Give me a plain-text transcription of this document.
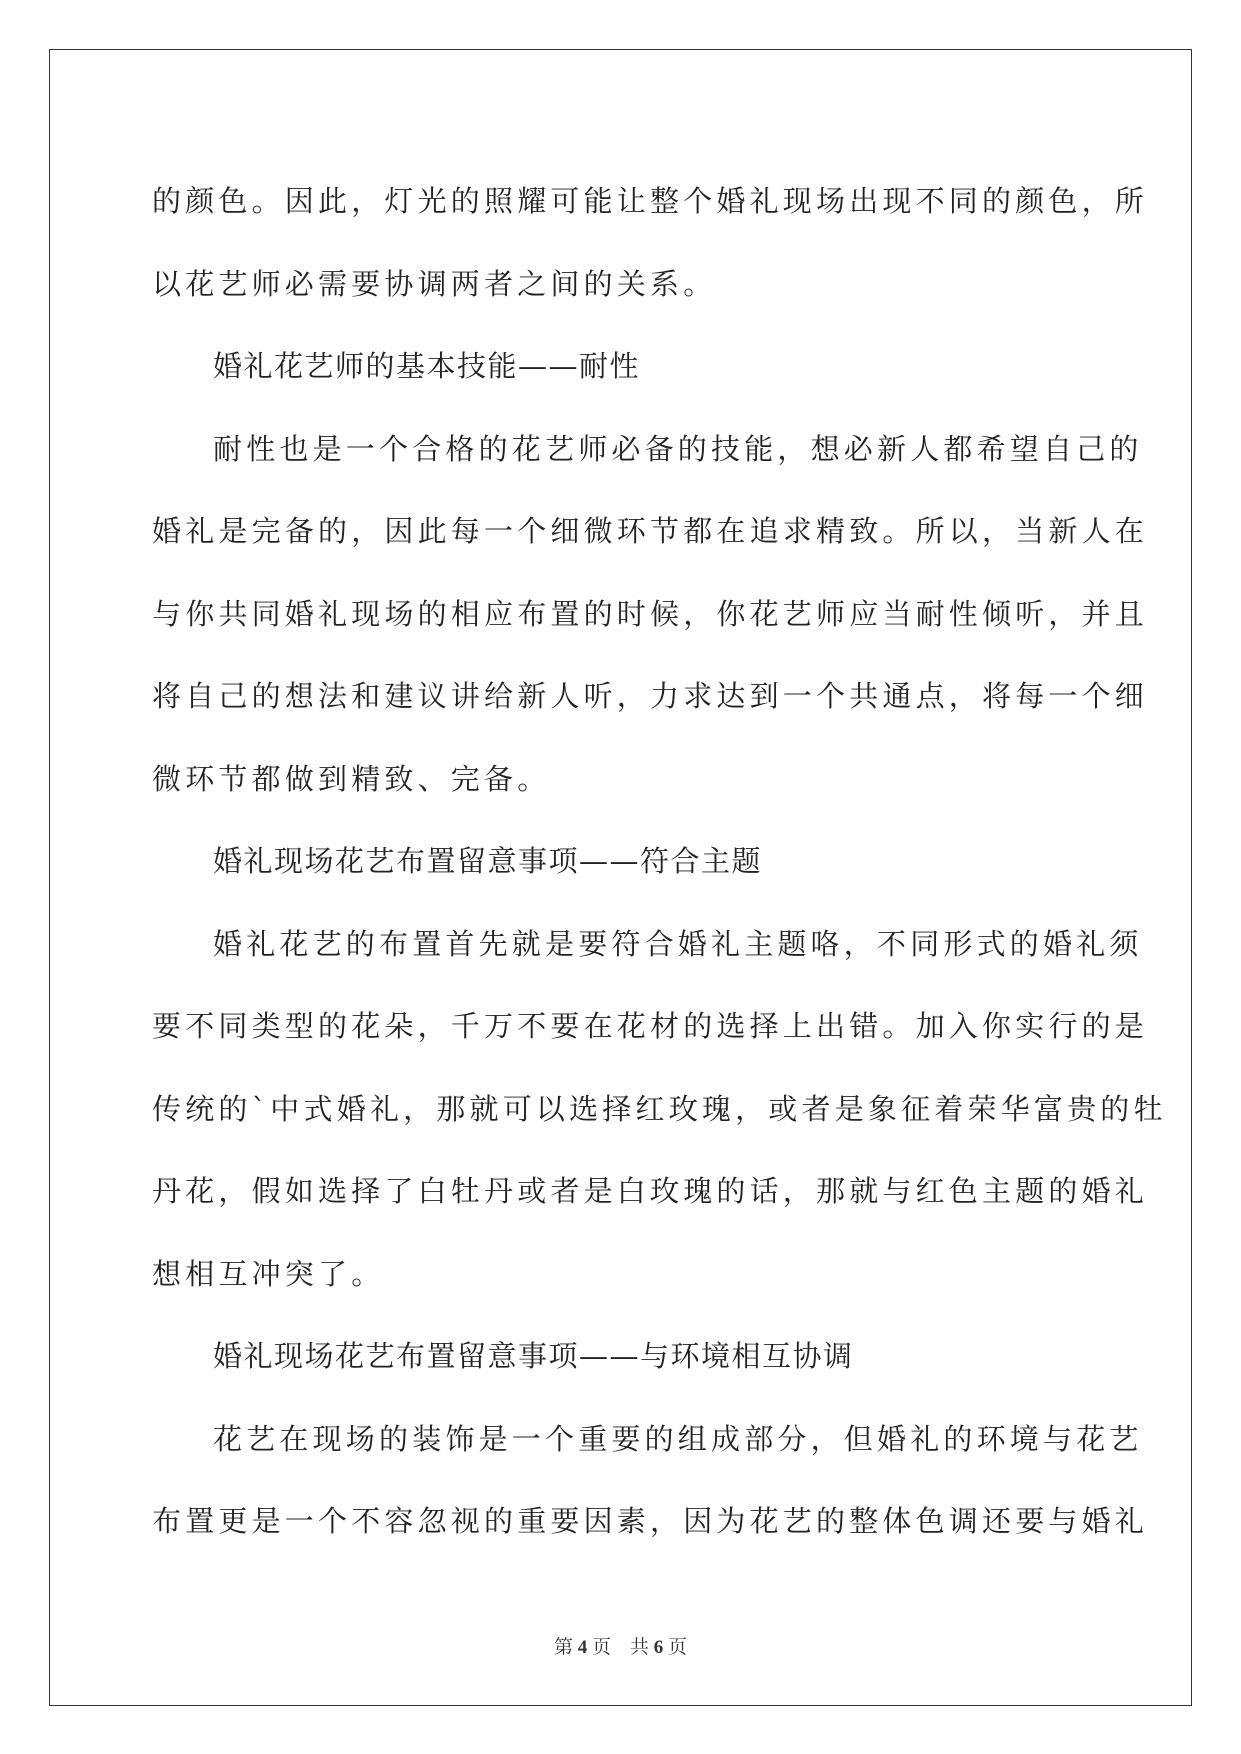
的颜色。因此，灯光的照耀可能让整个婚礼现场出现不同的颜色，所
以花艺师必需要协调两者之间的关系。
婚礼花艺师的基本技能——耐性
耐性也是一个合格的花艺师必备的技能，想必新人都希望自己的
婚礼是完备的，因此每一个细微环节都在追求精致。所以，当新人在
与你共同婚礼现场的相应布置的时候，你花艺师应当耐性倾听，并且
将自己的想法和建议讲给新人听，力求达到一个共通点，将每一个细
微环节都做到精致、完备。
婚礼现场花艺布置留意事项——符合主题
婚礼花艺的布置首先就是要符合婚礼主题咯，不同形式的婚礼须
要不同类型的花朵，千万不要在花材的选择上出错。加入你实行的是
传统的`中式婚礼，那就可以选择红玫瑰，或者是象征着荣华富贵的牡
丹花，假如选择了白牡丹或者是白玫瑰的话，那就与红色主题的婚礼
想相互冲突了。
婚礼现场花艺布置留意事项——与环境相互协调
花艺在现场的装饰是一个重要的组成部分，但婚礼的环境与花艺
布置更是一个不容忽视的重要因素，因为花艺的整体色调还要与婚礼
第 4 页 共 6 页
